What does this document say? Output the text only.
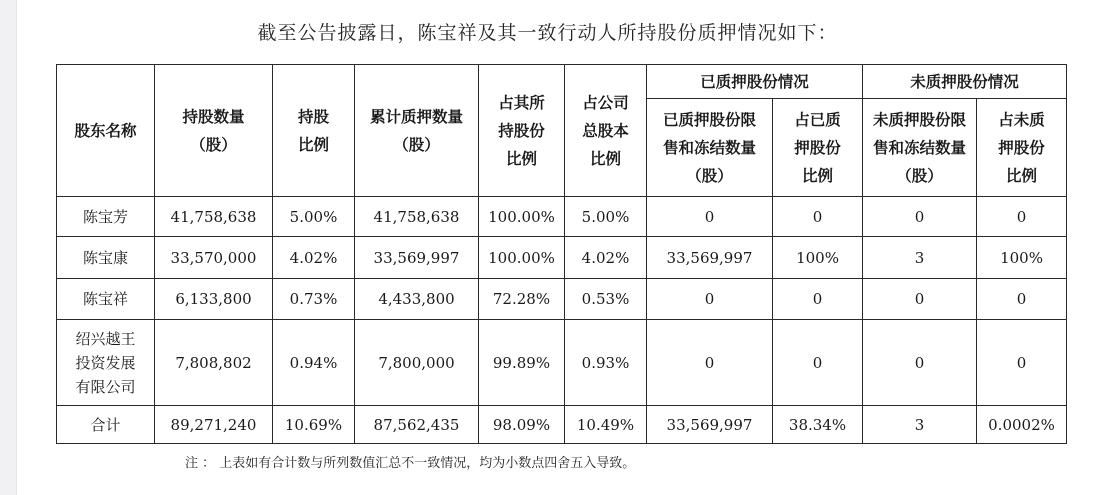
截至公告披露日，陈宝祥及其一致行动人所持股份质押情况如下：
股东名称	持股数量（股）	持股比例	累计质押数量（股）	占其所持股份比例	占公司总股本比例	已质押股份情况		未质押股份情况	

						已质押股份限售和冻结数量（股）	占已质押股份比例	未质押股份限售和冻结数量（股）	占未质押股份比例

陈宝芳	41,758,638	5.00%	41,758,638	100.00%	5.00%	0	0	0	0
陈宝康	33,570,000	4.02%	33,569,997	100.00%	4.02%	33,569,997	100%	3	100%
陈宝祥	6,133,800	0.73%	4,433,800	72.28%	0.53%	0	0	0	0

绍兴越王
投资发展
有限公司	7,808,802	0.94%	7,800,000	99.89%	0.93%	0	0	0	0
合计	89,271,240	10.69%	87,562,435	98.09%	10.49%	33,569,997	38.34%	3	0.0002%
注 ： 上表如有合计数与所列数值汇总不一致情况，均为小数点四舍五入导致。
